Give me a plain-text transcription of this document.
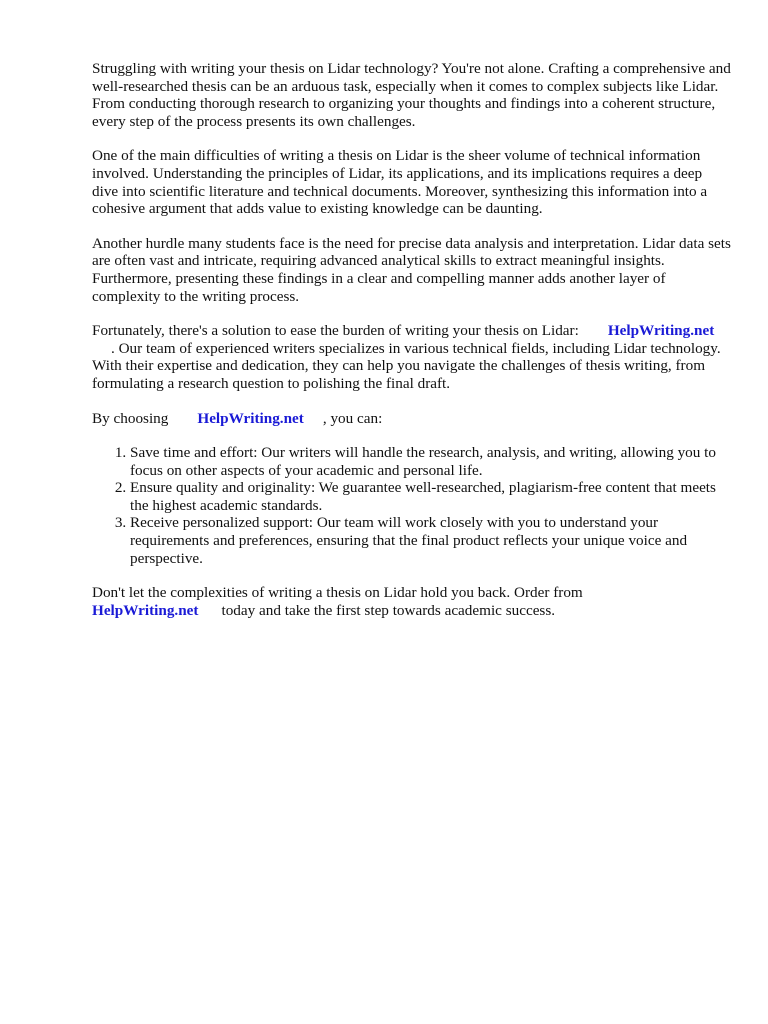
Struggling with writing your thesis on Lidar technology? You're not alone. Crafting a comprehensive and well-researched thesis can be an arduous task, especially when it comes to complex subjects like Lidar. From conducting thorough research to organizing your thoughts and findings into a coherent structure, every step of the process presents its own challenges.

One of the main difficulties of writing a thesis on Lidar is the sheer volume of technical information involved. Understanding the principles of Lidar, its applications, and its implications requires a deep dive into scientific literature and technical documents. Moreover, synthesizing this information into a cohesive argument that adds value to existing knowledge can be daunting.

Another hurdle many students face is the need for precise data analysis and interpretation. Lidar data sets are often vast and intricate, requiring advanced analytical skills to extract meaningful insights. Furthermore, presenting these findings in a clear and compelling manner adds another layer of complexity to the writing process.

Fortunately, there's a solution to ease the burden of writing your thesis on Lidar: HelpWriting.net
. Our team of experienced writers specializes in various technical fields, including Lidar technology. With their expertise and dedication, they can help you navigate the challenges of thesis writing, from formulating a research question to polishing the final draft.

By choosing HelpWriting.net , you can:

1. Save time and effort: Our writers will handle the research, analysis, and writing, allowing you to focus on other aspects of your academic and personal life.
2. Ensure quality and originality: We guarantee well-researched, plagiarism-free content that meets the highest academic standards.
3. Receive personalized support: Our team will work closely with you to understand your requirements and preferences, ensuring that the final product reflects your unique voice and perspective.

Don't let the complexities of writing a thesis on Lidar hold you back. Order from
HelpWriting.net today and take the first step towards academic success.
